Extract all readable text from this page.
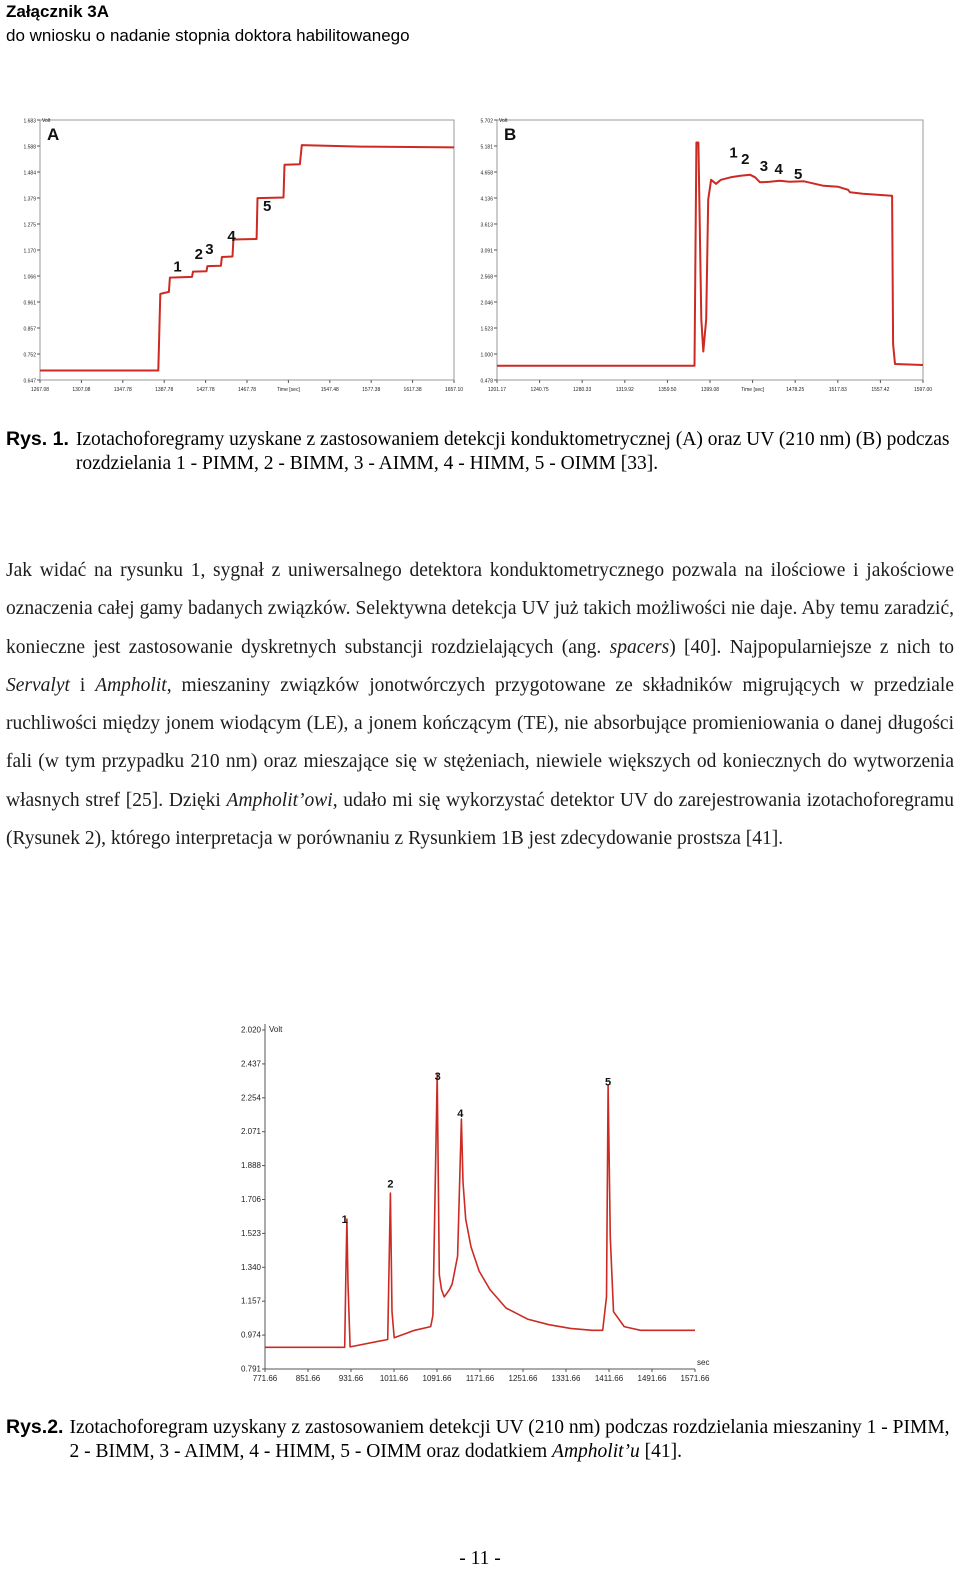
Załącznik 3A
do wniosku o nadanie stopnia doktora habilitowanego
1.683
1.588
1.484
1.379
1.275
1.170
1.066
0.961
0.857
0.752
0.647
Volt
1267.08	1307.08	1347.78	1387.78	1427.78	1467.78	Time [sec]	1547.48	1577.38	1617.38	1657.10
A
1
2 3
4
5
5.702
5.181
4.658
4.136
3.613
3.091
2.568
2.046
1.523
1.000
0.478
Volt
1201.17	1240.75	1280.33	1319.92	1359.50	1399.08	Time [sec]	1478.25	1517.83	1557.42	1597.00
B
1 2 3 4 5
Rys. 1.	Izotachoforegramy uzyskane z zastosowaniem detekcji konduktometrycznej (A) oraz UV (210 nm) (B) podczas rozdzielania 1 - PIMM, 2 - BIMM, 3 - AIMM, 4 - HIMM, 5 - OIMM [33].
Jak widać na rysunku 1, sygnał z uniwersalnego detektora konduktometrycznego pozwala na ilościowe i jakościowe oznaczenia całej gamy badanych związków. Selektywna detekcja UV już takich możliwości nie daje. Aby temu zaradzić, konieczne jest zastosowanie dyskretnych substancji rozdzielających (ang. spacers) [40]. Najpopularniejsze z nich to Servalyt i Ampholit, mieszaniny związków jonotwórczych przygotowane ze składników migrujących w przedziale ruchliwości między jonem wiodącym (LE), a jonem kończącym (TE), nie absorbujące promieniowania o danej długości fali (w tym przypadku 210 nm) oraz mieszające się w stężeniach, niewiele większych od koniecznych do wytworzenia własnych stref [25]. Dzięki Ampholit’owi, udało mi się wykorzystać detektor UV do zarejestrowania izotachoforegramu (Rysunek 2), którego interpretacja w porównaniu z Rysunkiem 1B jest zdecydowanie prostsza [41].
2.020
2.437
2.254
2.071
1.888
1.706
1.523
1.340
1.157
0.974
0.791
Volt
771.66 851.66 931.66 1011.66 1091.66 1171.66 1251.66 1331.66 1411.66 1491.66 1571.66
sec
1
2
3
4
5
Rys.2.	Izotachoforegram uzyskany z zastosowaniem detekcji UV (210 nm) podczas rozdzielania mieszaniny 1 - PIMM, 2 - BIMM, 3 - AIMM, 4 - HIMM, 5 - OIMM oraz dodatkiem Ampholit’u [41].
- 11 -
